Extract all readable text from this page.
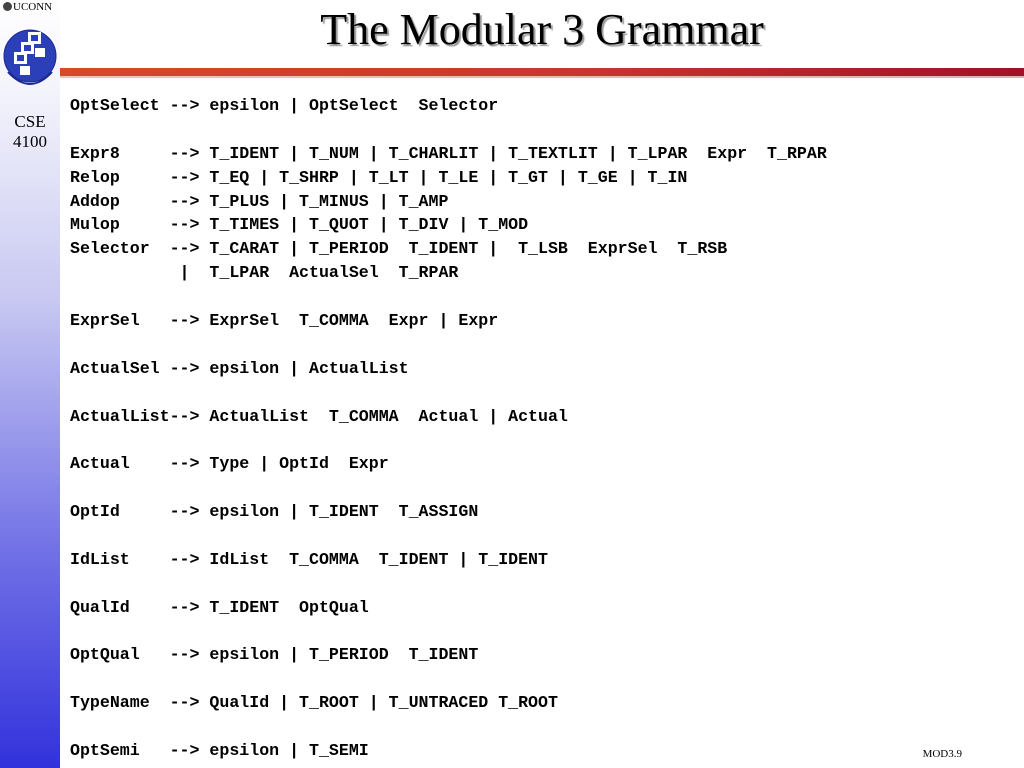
UCONN
CSE
4100
The Modular 3 Grammar
OptSelect --> epsilon | OptSelect  Selector
Expr8     --> T_IDENT | T_NUM | T_CHARLIT | T_TEXTLIT | T_LPAR  Expr  T_RPAR
Relop     --> T_EQ | T_SHRP | T_LT | T_LE | T_GT | T_GE | T_IN
Addop     --> T_PLUS | T_MINUS | T_AMP
Mulop     --> T_TIMES | T_QUOT | T_DIV | T_MOD
Selector  --> T_CARAT | T_PERIOD  T_IDENT |  T_LSB  ExprSel  T_RSB
|  T_LPAR  ActualSel  T_RPAR
ExprSel   --> ExprSel  T_COMMA  Expr | Expr
ActualSel --> epsilon | ActualList
ActualList--> ActualList  T_COMMA  Actual | Actual
Actual    --> Type | OptId  Expr
OptId     --> epsilon | T_IDENT  T_ASSIGN
IdList    --> IdList  T_COMMA  T_IDENT | T_IDENT
QualId    --> T_IDENT  OptQual
OptQual   --> epsilon | T_PERIOD  T_IDENT
TypeName  --> QualId | T_ROOT | T_UNTRACED T_ROOT
OptSemi   --> epsilon | T_SEMI	MOD3.9
